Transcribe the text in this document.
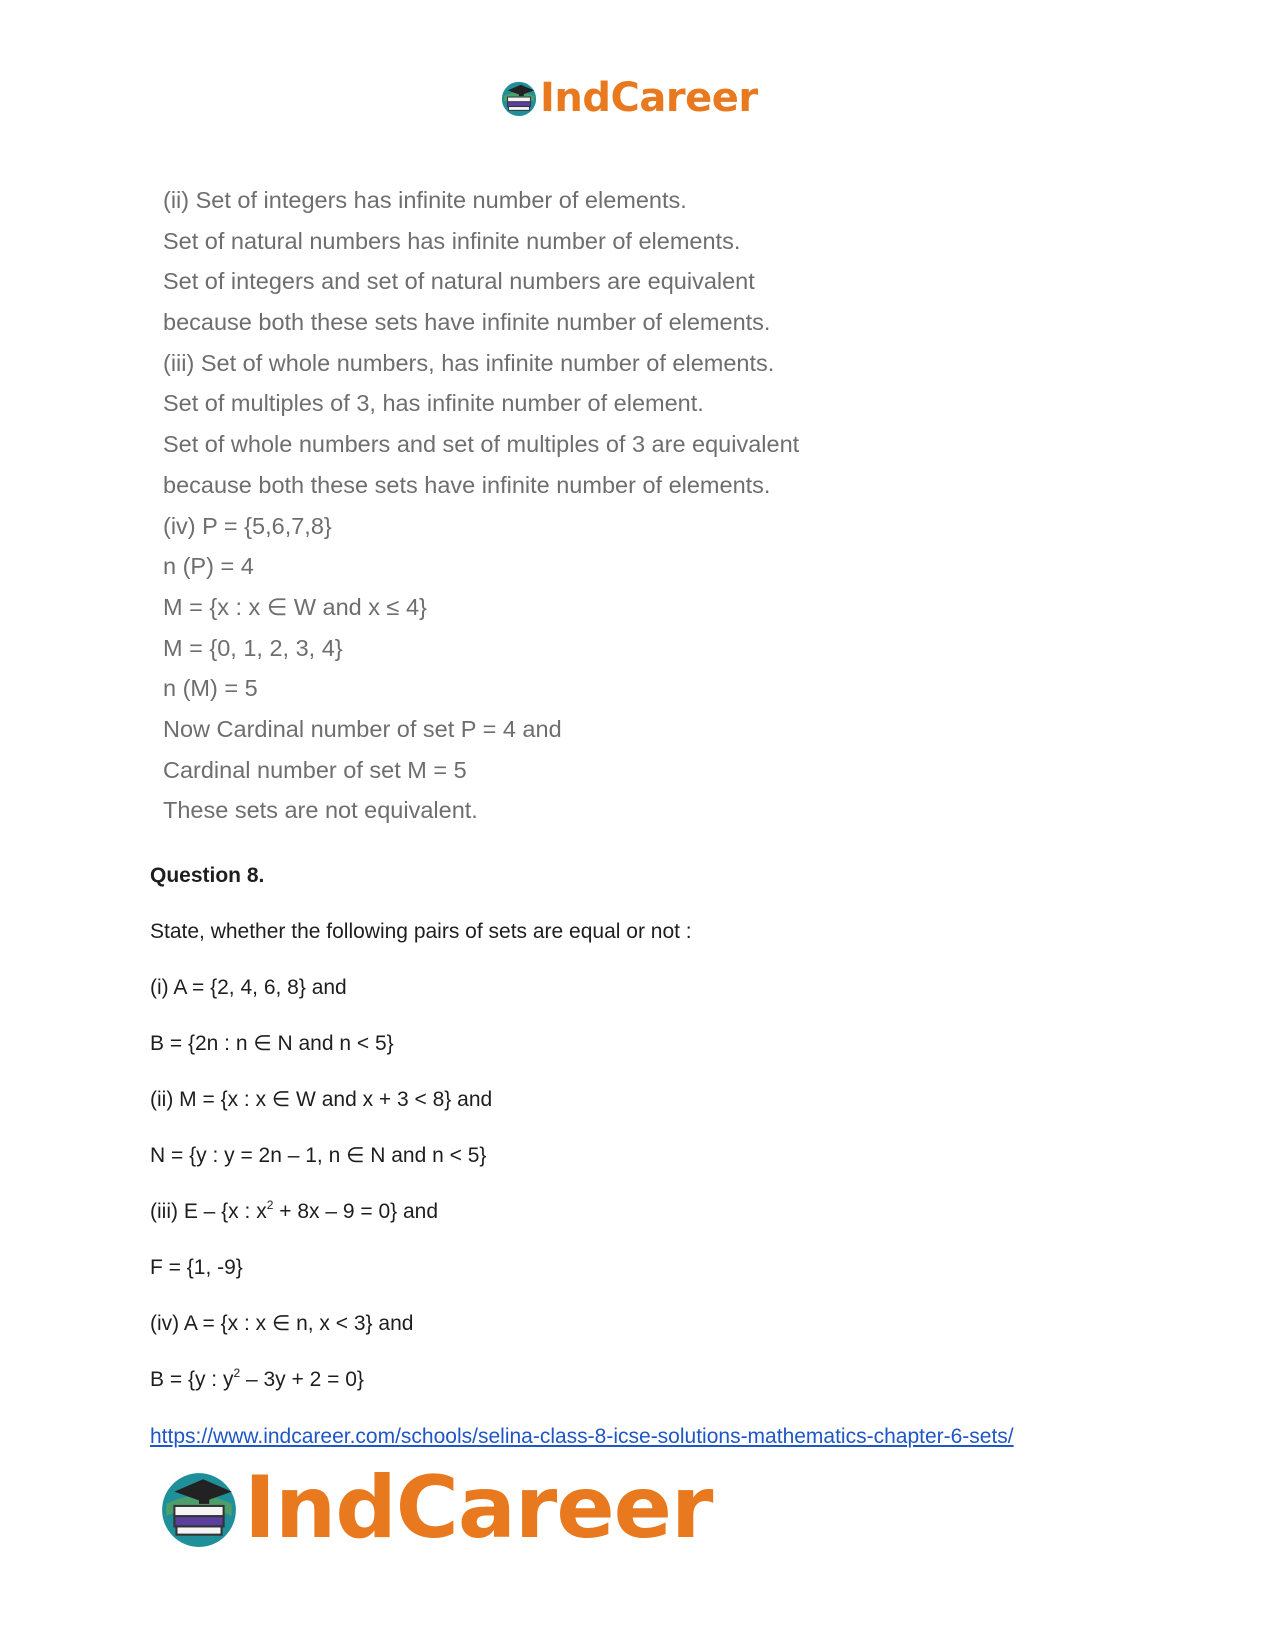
IndCareer
(ii) Set of integers has infinite number of elements.
Set of natural numbers has infinite number of elements.
Set of integers and set of natural numbers are equivalent
because both these sets have infinite number of elements.
(iii) Set of whole numbers, has infinite number of elements.
Set of multiples of 3, has infinite number of element.
Set of whole numbers and set of multiples of 3 are equivalent
because both these sets have infinite number of elements.
(iv) P = {5,6,7,8}
n (P) = 4
M = {x : x ∈ W and x ≤ 4}
M = {0, 1, 2, 3, 4}
n (M) = 5
Now Cardinal number of set P = 4 and
Cardinal number of set M = 5
These sets are not equivalent.
Question 8.
State, whether the following pairs of sets are equal or not :
(i) A = {2, 4, 6, 8} and
B = {2n : n ∈ N and n < 5}
(ii) M = {x : x ∈ W and x + 3 < 8} and
N = {y : y = 2n – 1, n ∈ N and n < 5}
(iii) E – {x : $x^2 + 8x - 9 = 0$} and
F = {1, -9}
(iv) A = {x : x ∈ n, x < 3} and
B = {y : $y^2 - 3y + 2 = 0$}
https://www.indcareer.com/schools/selina-class-8-icse-solutions-mathematics-chapter-6-sets/
IndCareer
